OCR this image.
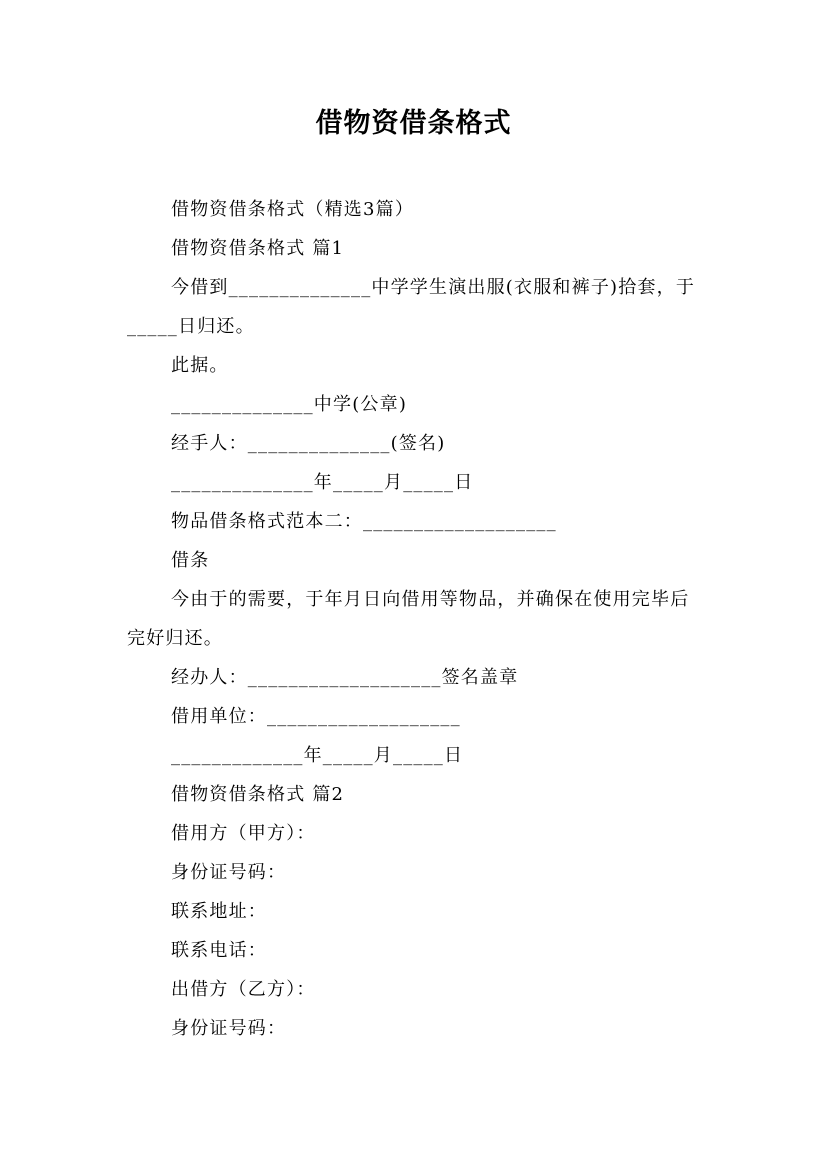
借物资借条格式

借物资借条格式（精选3篇）

借物资借条格式 篇1

今借到______________中学学生演出服(衣服和裤子)拾套，于_____日归还。

此据。

______________中学(公章)

经手人：______________(签名)

______________年_____月_____日

物品借条格式范本二：___________________

借条

今由于的需要，于年月日向借用等物品，并确保在使用完毕后完好归还。

经办人：___________________签名盖章

借用单位：___________________

_____________年_____月_____日

借物资借条格式 篇2

借用方（甲方）：

身份证号码：

联系地址：

联系电话：

出借方（乙方）：

身份证号码：
